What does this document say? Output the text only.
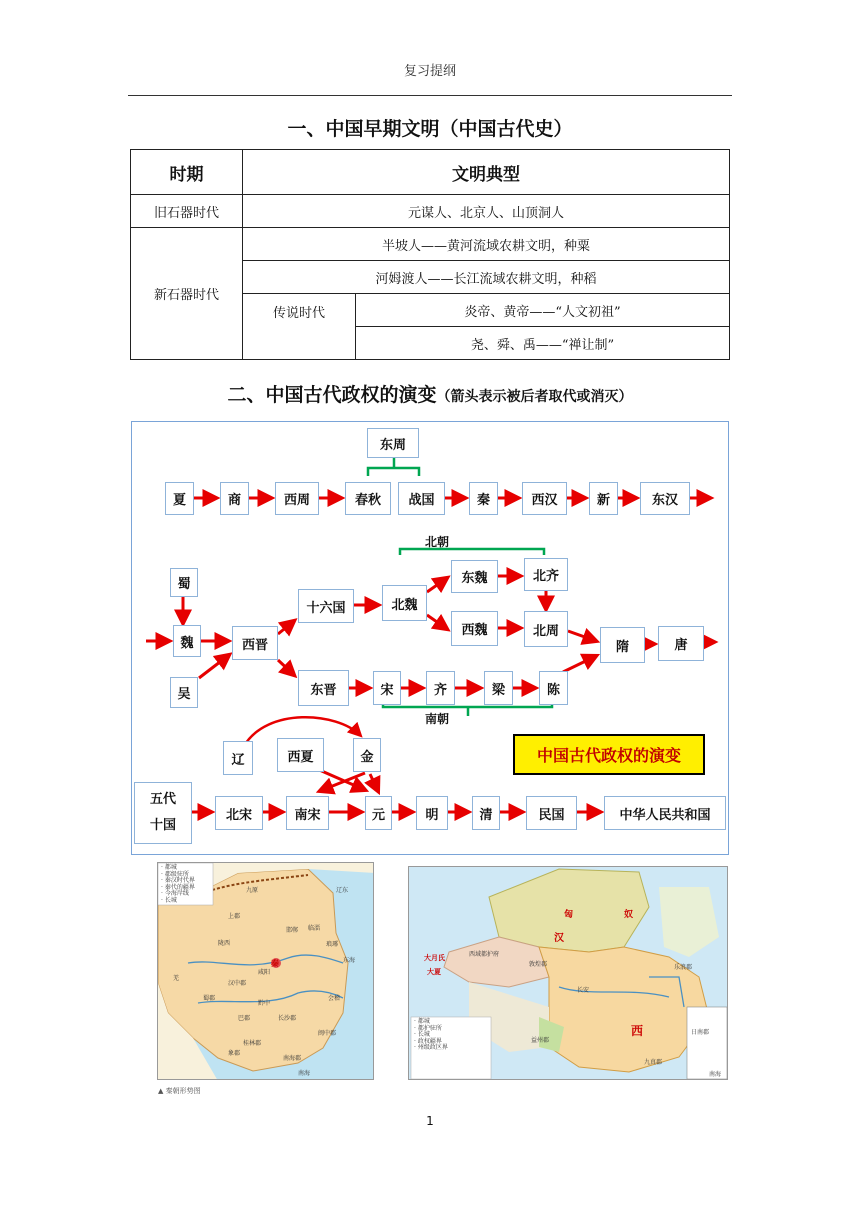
复习提纲
一、中国早期文明（中国古代史）
时期	文明典型	
旧石器时代	元谋人、北京人、山顶洞人	
新石器时代	半坡人——黄河流域农耕文明，种粟	
	河姆渡人——长江流域农耕文明，种稻	
	传说时代	炎帝、黄帝——“人文初祖”
		尧、舜、禹——“禅让制”
二、中国古代政权的演变（箭头表示被后者取代或消灭）
东周
北朝
南朝
夏	商	西周	春秋	战国	秦	西汉	新	东汉
蜀
魏
吴
西晋
十六国	北魏
东魏	北齐
西魏	北周
隋	唐
东晋	宋	齐	梁	陈
辽	西夏	金
五代
十国
北宋	南宋	元	明	清	民国	中华人民共和国
中国古代政权的演变
· 都城
· 郡级驻所
· 秦汉时代界
· 秦代的疆界
· 今海岸线
· 长城
九原
上郡
辽东
临淄
琅琊
咸阳
邯郸
陇西
巴郡
蜀郡
长沙郡
会稽
闽中郡
南海郡
象郡
桂林郡
黔中
汉中郡
东海
南海
羌
秦
▲ 秦朝形势图
· 都城
· 都护驻所
· 长城
· 政权疆界
· 州级政区界
西域都护府
敦煌郡
长安
益州郡
九真郡
日南郡
乐浪郡
南海
匈	奴
汉
西
大月氏
大夏
1
